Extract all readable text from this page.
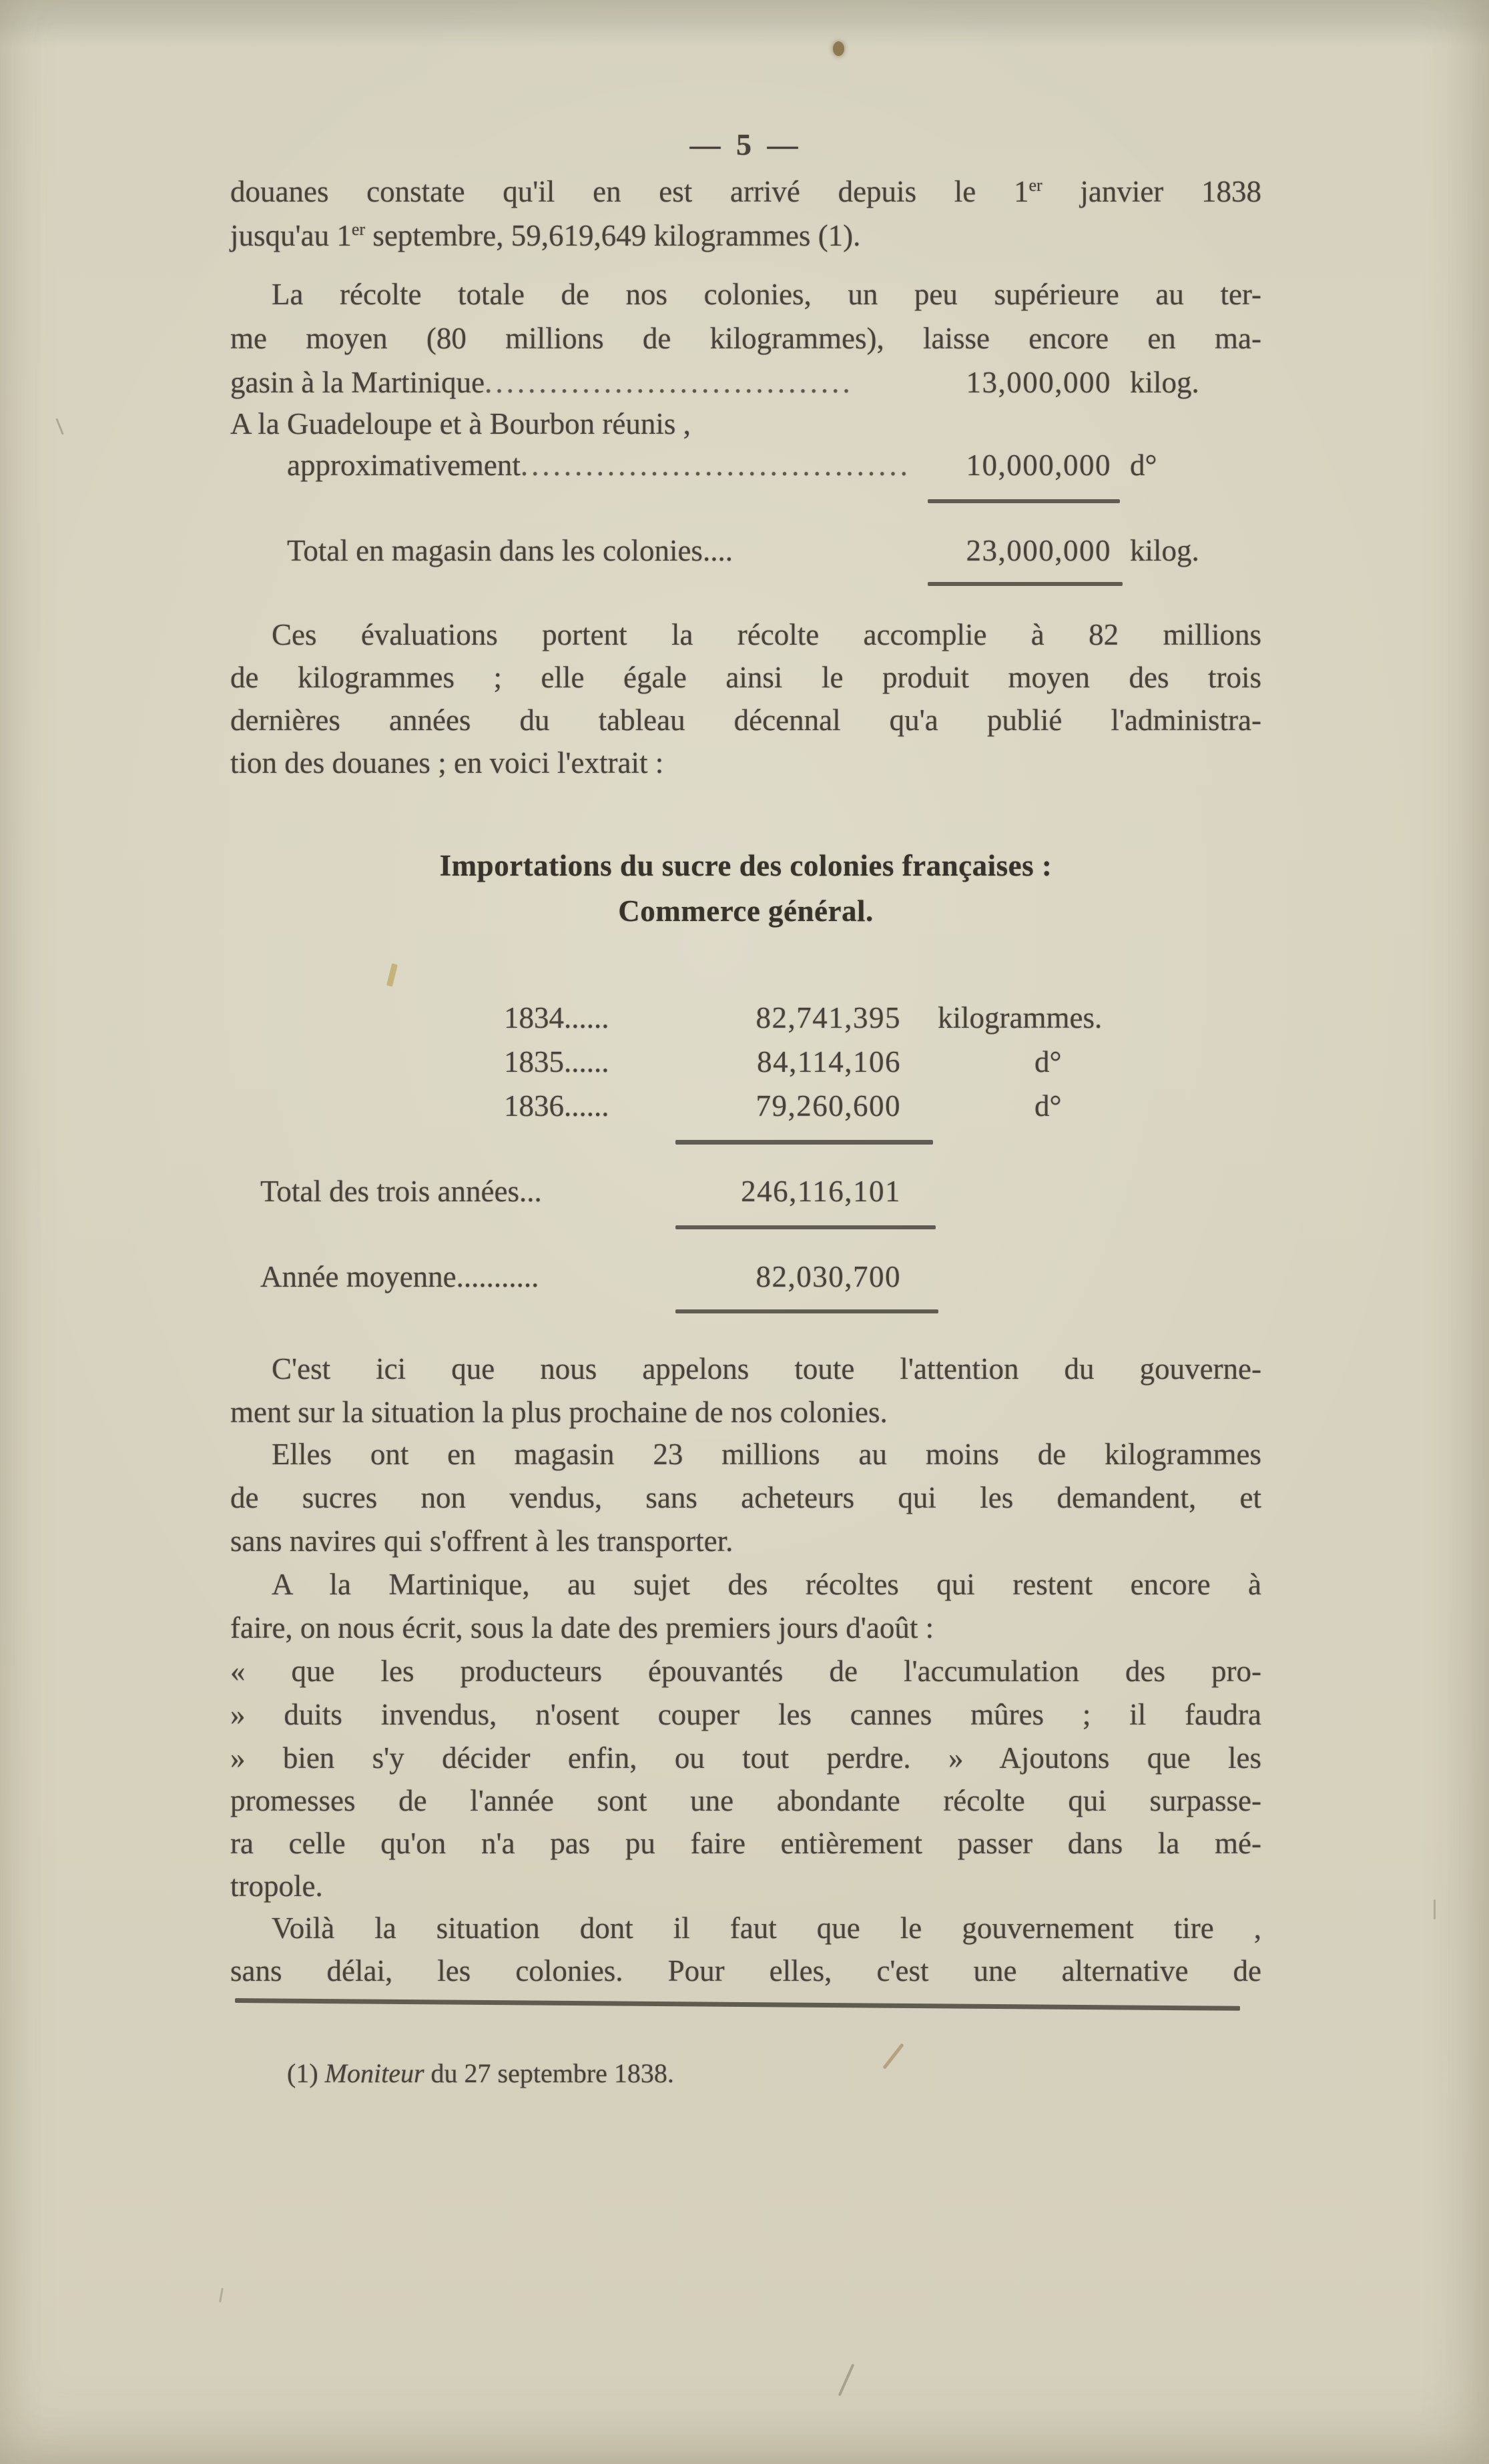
— 5 —
douanes constate qu'il en est arrivé depuis le 1er janvier 1838
jusqu'au 1er septembre, 59,619,649 kilogrammes (1).
La récolte totale de nos colonies, un peu supérieure au ter-
me moyen (80 millions de kilogrammes), laisse encore en ma-
gasin à la Martinique..................................	13,000,000 kilog.
A la Guadeloupe et à Bourbon réunis ,
approximativement....................................	10,000,000 d°
Total en magasin dans les colonies....	23,000,000 kilog.
Ces évaluations portent la récolte accomplie à 82 millions
de kilogrammes ; elle égale ainsi le produit moyen des trois
dernières années du tableau décennal qu'a publié l'administra-
tion des douanes ; en voici l'extrait :
Importations du sucre des colonies françaises :
Commerce général.
1834......	82,741,395 kilogrammes.
1835......	84,114,106	d°
1836......	79,260,600	d°
Total des trois années...	246,116,101
Année moyenne...........	82,030,700
C'est ici que nous appelons toute l'attention du gouverne-
ment sur la situation la plus prochaine de nos colonies.
Elles ont en magasin 23 millions au moins de kilogrammes
de sucres non vendus, sans acheteurs qui les demandent, et
sans navires qui s'offrent à les transporter.
A la Martinique, au sujet des récoltes qui restent encore à
faire, on nous écrit, sous la date des premiers jours d'août :
« que les producteurs épouvantés de l'accumulation des pro-
» duits invendus, n'osent couper les cannes mûres ; il faudra
» bien s'y décider enfin, ou tout perdre. » Ajoutons que les
promesses de l'année sont une abondante récolte qui surpasse-
ra celle qu'on n'a pas pu faire entièrement passer dans la mé-
tropole.
Voilà la situation dont il faut que le gouvernement tire ,
sans délai, les colonies. Pour elles, c'est une alternative de
(1) Moniteur du 27 septembre 1838.
